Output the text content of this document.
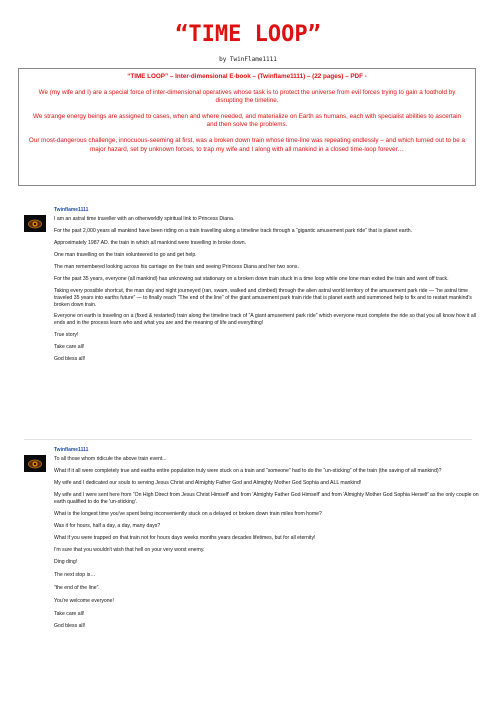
“TIME LOOP”
by TwinFlame1111

“TIME LOOP” – Inter-dimensional E-book – (Twinflame1111) – (22 pages) – PDF -

We (my wife and I) are a special force of inter-dimensional operatives whose task is to protect the universe from evil forces trying to gain a foothold by disrupting the timeline.

We strange energy beings are assigned to cases, when and where needed, and materialize on Earth as humans, each with specialist abilities to ascertain and then solve the problems.

Our most-dangerous challenge, innocuous-seeming at first, was a broken down train whose time-line was repeating endlessly – and which turned out to be a major hazard, set by unknown forces, to trap my wife and I along with all mankind in a closed time-loop forever…

Twinflame1111

I am an astral time traveller with an otherworldly spiritual link to Princess Diana.

For the past 2,000 years all mankind have been riding on a train travelling along a timeline track through a “gigantic amusement park ride” that is planet earth.

Approximately 1987 AD. the train in which all mankind were travelling in broke down.

One man travelling on the train volunteered to go and get help.

The man remembered looking across his carriage on the train and seeing Princess Diana and her two sons.

For the past 35 years, everyone (all mankind) has unknowing sat stationary on a broken down train stuck in a time loop while one lone man exited the train and went off track.

Taking every possible shortcut, the man day and night journeyed (ran, swam, walked and climbed) through the alien astral world territory of the amusement park ride — “he astral time traveled 35 years into earths future” — to finally reach “The end of the line” of the giant amusement park train ride that is planet earth and summoned help to fix and to restart mankind's broken down train.

Everyone on earth is traveling on a (fixed & restarted) train along the timeline track of “A giant amusement park ride” which everyone must complete the ride so that you all know how it all ends and in the process learn who and what you are and the meaning of life and everything!

True story!

Take care all!

God bless all!

Twinflame1111

To all those whom ridicule the above train event...

What if it all were completely true and earths entire population truly were stuck on a train and “someone” had to do the “un-sticking” of the train (the saving of all mankind)?

My wife and I dedicated our souls to serving Jesus Christ and Almighty Father God and Almighty Mother God Sophia and ALL mankind!

My wife and I were sent here from “On High Direct from Jesus Christ Himself' and from 'Almighty Father God Himself' and from 'Almighty Mother God Sophia Herself' as the only couple on earth qualified to do the 'un-sticking'.

What is the longest time you've spent being inconveniently stuck on a delayed or broken down train miles from home?

Was it for hours, half a day, a day, many days?

What if you were trapped on that train not for hours days weeks months years decades lifetimes, but for all eternity!

I'm sure that you wouldn't wish that hell on your very worst enemy.

Ding ding!

The next stop is…

“the end of the line”.

You're welcome everyone!

Take care all!

God bless all!
